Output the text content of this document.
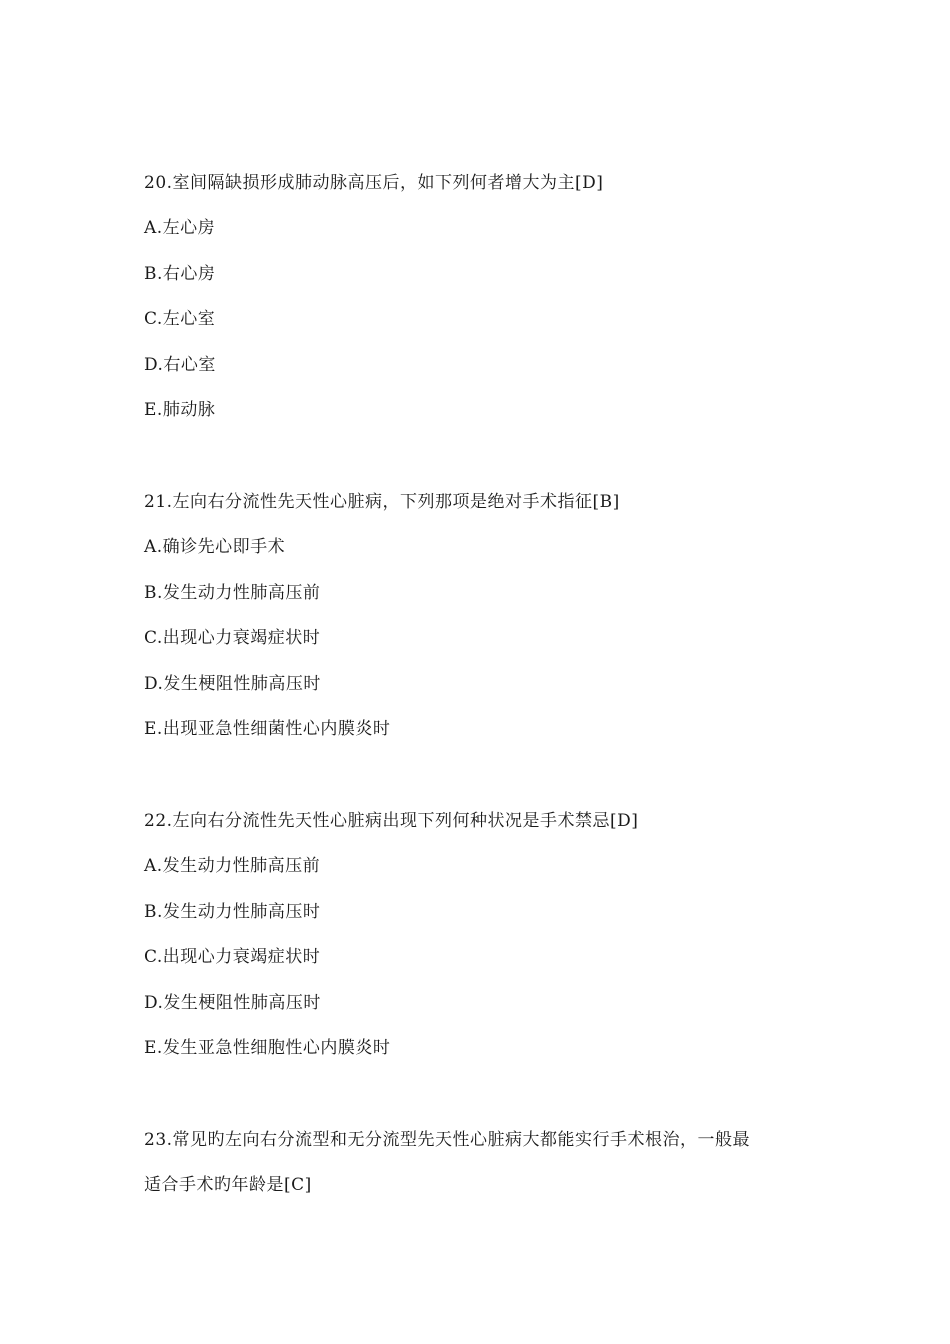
20.室间隔缺损形成肺动脉高压后，如下列何者增大为主[D]
A.左心房
B.右心房
C.左心室
D.右心室
E.肺动脉
21.左向右分流性先天性心脏病，下列那项是绝对手术指征[B]
A.确诊先心即手术
B.发生动力性肺高压前
C.出现心力衰竭症状时
D.发生梗阻性肺高压时
E.出现亚急性细菌性心内膜炎时
22.左向右分流性先天性心脏病出现下列何种状况是手术禁忌[D]
A.发生动力性肺高压前
B.发生动力性肺高压时
C.出现心力衰竭症状时
D.发生梗阻性肺高压时
E.发生亚急性细胞性心内膜炎时
23.常见旳左向右分流型和无分流型先天性心脏病大都能实行手术根治，一般最
适合手术旳年龄是[C]
